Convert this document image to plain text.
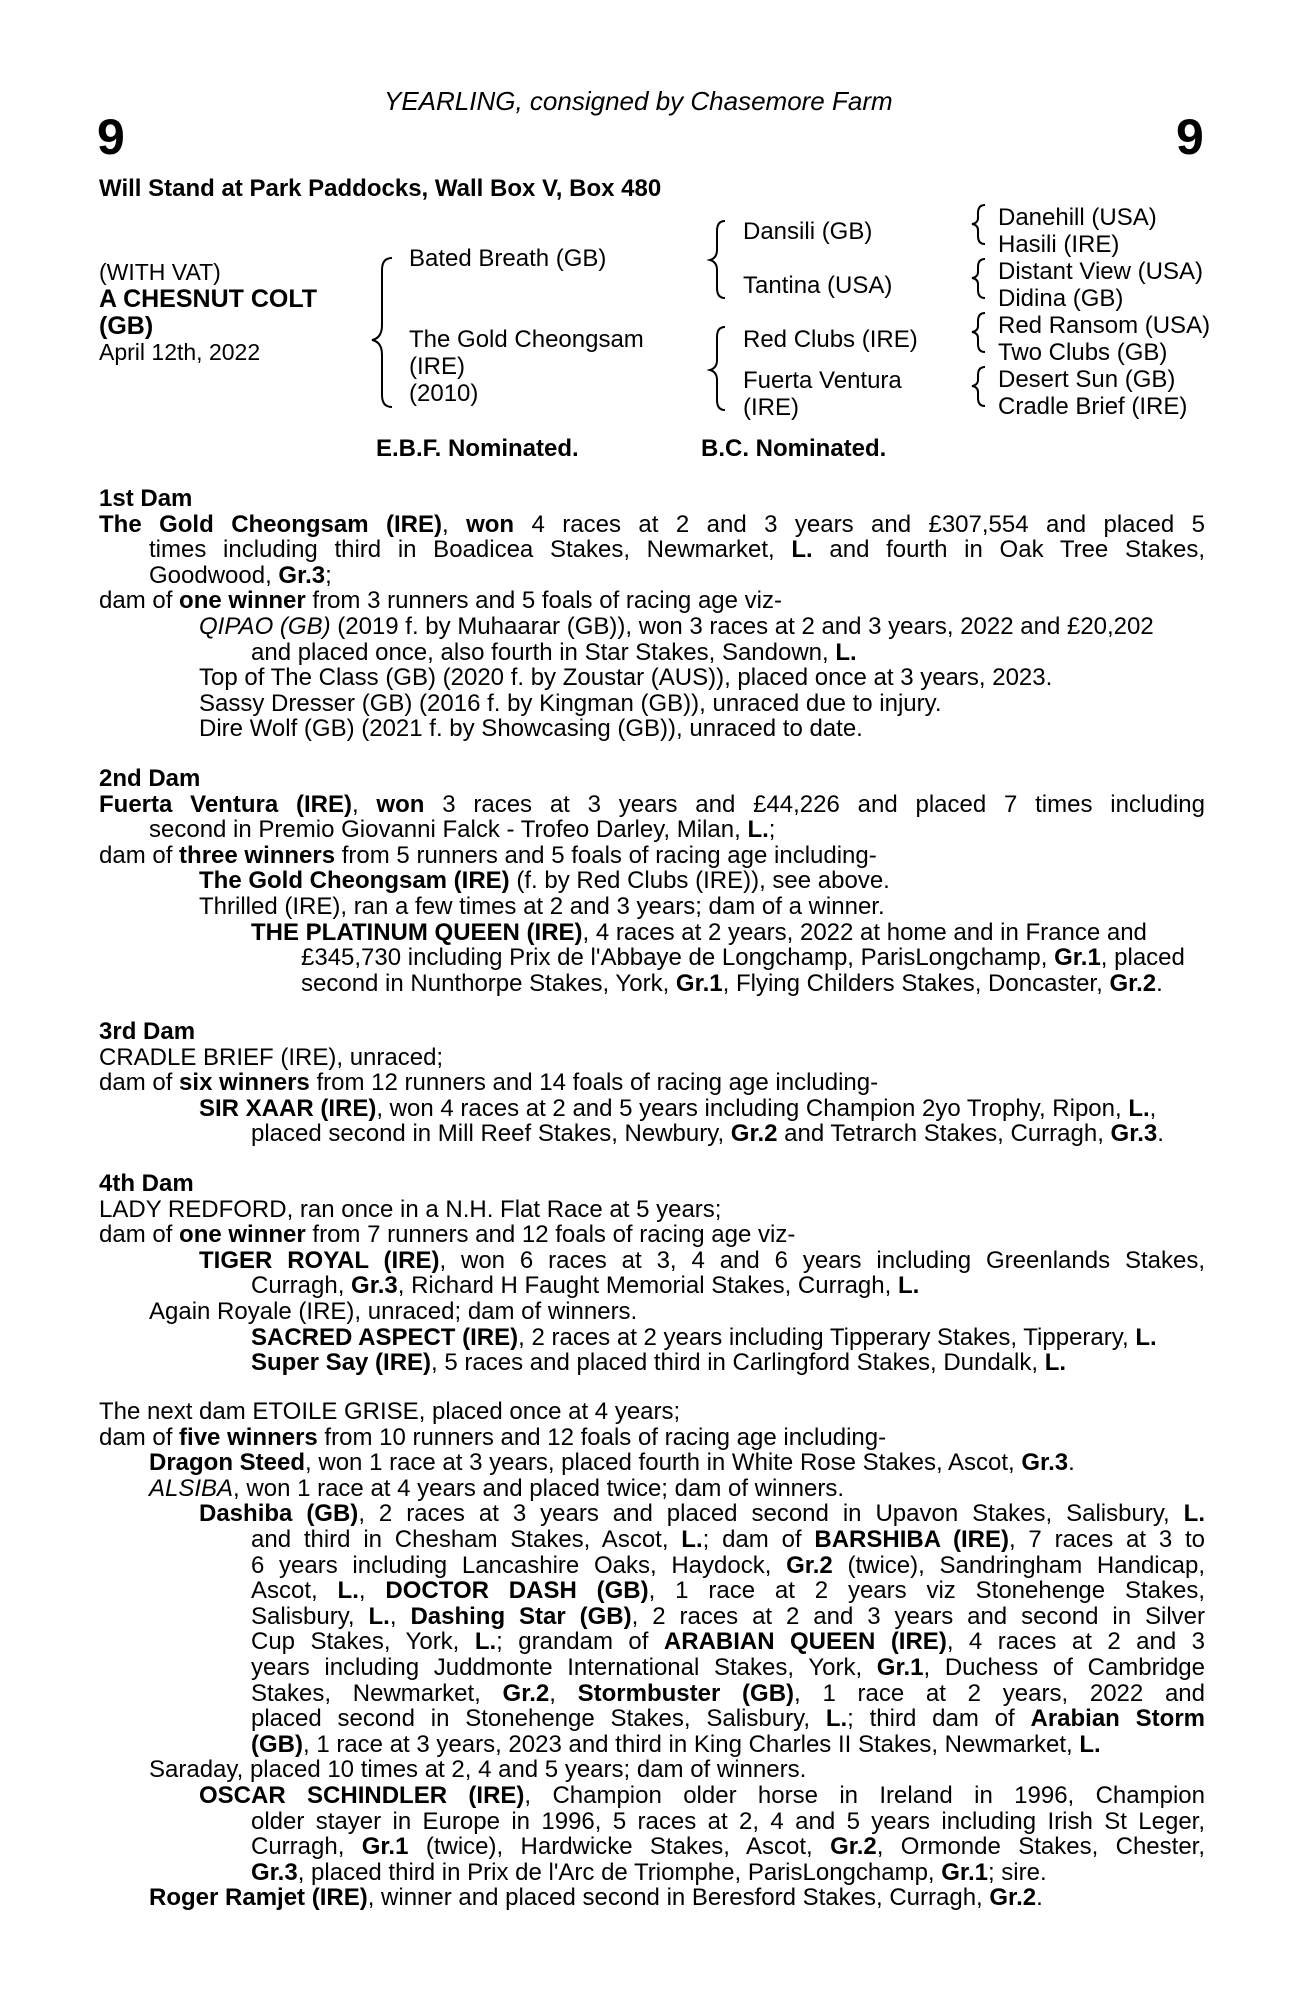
YEARLING, consigned by Chasemore Farm
9	9
Will Stand at Park Paddocks, Wall Box V, Box 480
(WITH VAT)
A CHESNUT COLT
(GB)
April 12th, 2022
Bated Breath (GB)
The Gold Cheongsam
(IRE)
(2010)
Dansili (GB)
Tantina (USA)
Red Clubs (IRE)
Fuerta Ventura
(IRE)
Danehill (USA)
Hasili (IRE)
Distant View (USA)
Didina (GB)
Red Ransom (USA)
Two Clubs (GB)
Desert Sun (GB)
Cradle Brief (IRE)
E.B.F. Nominated.	B.C. Nominated.
1st Dam
The Gold Cheongsam (IRE), won 4 races at 2 and 3 years and £307,554 and placed 5
times including third in Boadicea Stakes, Newmarket, L. and fourth in Oak Tree Stakes,
Goodwood, Gr.3;
dam of one winner from 3 runners and 5 foals of racing age viz-
QIPAO (GB) (2019 f. by Muhaarar (GB)), won 3 races at 2 and 3 years, 2022 and £20,202
and placed once, also fourth in Star Stakes, Sandown, L.
Top of The Class (GB) (2020 f. by Zoustar (AUS)), placed once at 3 years, 2023.
Sassy Dresser (GB) (2016 f. by Kingman (GB)), unraced due to injury.
Dire Wolf (GB) (2021 f. by Showcasing (GB)), unraced to date.
2nd Dam
Fuerta Ventura (IRE), won 3 races at 3 years and £44,226 and placed 7 times including
second in Premio Giovanni Falck - Trofeo Darley, Milan, L.;
dam of three winners from 5 runners and 5 foals of racing age including-
The Gold Cheongsam (IRE) (f. by Red Clubs (IRE)), see above.
Thrilled (IRE), ran a few times at 2 and 3 years; dam of a winner.
THE PLATINUM QUEEN (IRE), 4 races at 2 years, 2022 at home and in France and
£345,730 including Prix de l'Abbaye de Longchamp, ParisLongchamp, Gr.1, placed
second in Nunthorpe Stakes, York, Gr.1, Flying Childers Stakes, Doncaster, Gr.2.
3rd Dam
CRADLE BRIEF (IRE), unraced;
dam of six winners from 12 runners and 14 foals of racing age including-
SIR XAAR (IRE), won 4 races at 2 and 5 years including Champion 2yo Trophy, Ripon, L.,
placed second in Mill Reef Stakes, Newbury, Gr.2 and Tetrarch Stakes, Curragh, Gr.3.
4th Dam
LADY REDFORD, ran once in a N.H. Flat Race at 5 years;
dam of one winner from 7 runners and 12 foals of racing age viz-
TIGER ROYAL (IRE), won 6 races at 3, 4 and 6 years including Greenlands Stakes,
Curragh, Gr.3, Richard H Faught Memorial Stakes, Curragh, L.
Again Royale (IRE), unraced; dam of winners.
SACRED ASPECT (IRE), 2 races at 2 years including Tipperary Stakes, Tipperary, L.
Super Say (IRE), 5 races and placed third in Carlingford Stakes, Dundalk, L.
The next dam ETOILE GRISE, placed once at 4 years;
dam of five winners from 10 runners and 12 foals of racing age including-
Dragon Steed, won 1 race at 3 years, placed fourth in White Rose Stakes, Ascot, Gr.3.
ALSIBA, won 1 race at 4 years and placed twice; dam of winners.
Dashiba (GB), 2 races at 3 years and placed second in Upavon Stakes, Salisbury, L.
and third in Chesham Stakes, Ascot, L.; dam of BARSHIBA (IRE), 7 races at 3 to
6 years including Lancashire Oaks, Haydock, Gr.2 (twice), Sandringham Handicap,
Ascot, L., DOCTOR DASH (GB), 1 race at 2 years viz Stonehenge Stakes,
Salisbury, L., Dashing Star (GB), 2 races at 2 and 3 years and second in Silver
Cup Stakes, York, L.; grandam of ARABIAN QUEEN (IRE), 4 races at 2 and 3
years including Juddmonte International Stakes, York, Gr.1, Duchess of Cambridge
Stakes, Newmarket, Gr.2, Stormbuster (GB), 1 race at 2 years, 2022 and
placed second in Stonehenge Stakes, Salisbury, L.; third dam of Arabian Storm
(GB), 1 race at 3 years, 2023 and third in King Charles II Stakes, Newmarket, L.
Saraday, placed 10 times at 2, 4 and 5 years; dam of winners.
OSCAR SCHINDLER (IRE), Champion older horse in Ireland in 1996, Champion
older stayer in Europe in 1996, 5 races at 2, 4 and 5 years including Irish St Leger,
Curragh, Gr.1 (twice), Hardwicke Stakes, Ascot, Gr.2, Ormonde Stakes, Chester,
Gr.3, placed third in Prix de l'Arc de Triomphe, ParisLongchamp, Gr.1; sire.
Roger Ramjet (IRE), winner and placed second in Beresford Stakes, Curragh, Gr.2.
